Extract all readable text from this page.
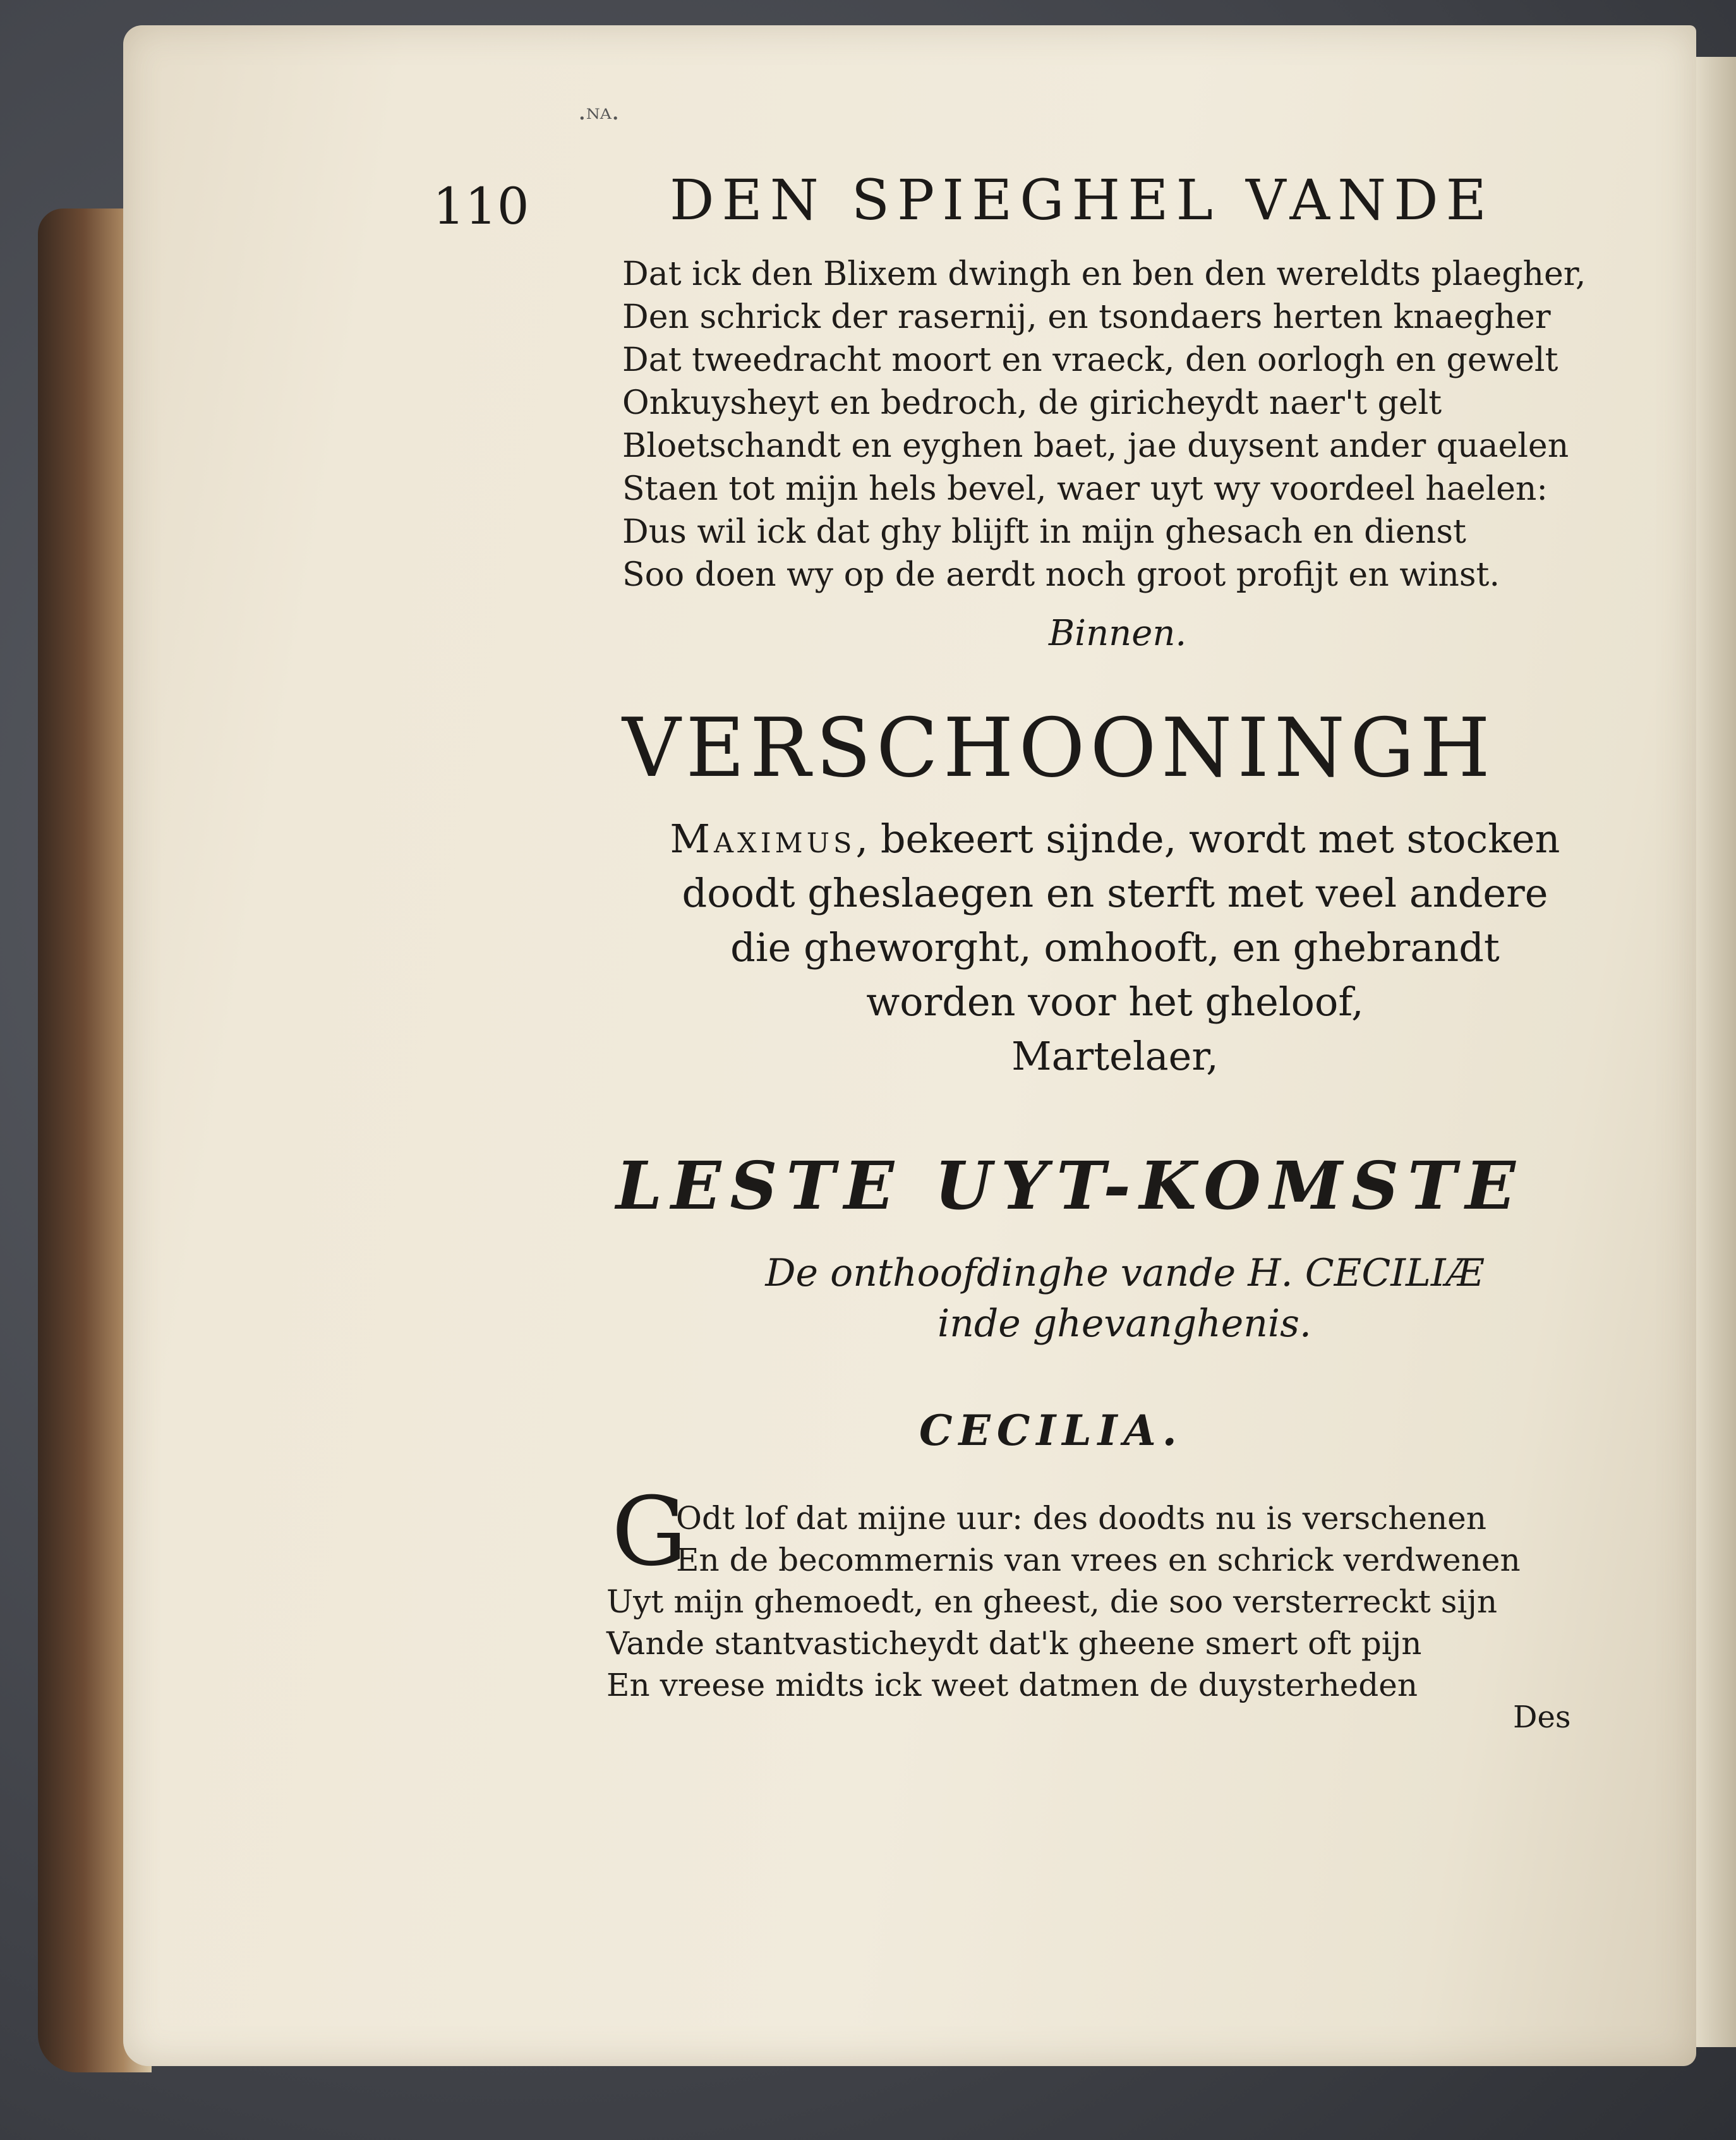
·ᴺᴬ·
110	DEN SPIEGHEL VANDE
Dat ick den Blixem dwingh en ben den wereldts plaegher,
Den schrick der rasernij, en tsondaers herten knaegher
Dat tweedracht moort en vraeck, den oorlogh en gewelt
Onkuysheyt en bedroch, de giricheydt naer't gelt
Bloetschandt en eyghen baet, jae duysent ander quaelen
Staen tot mijn hels bevel, waer uyt wy voordeel haelen:
Dus wil ick dat ghy blijft in mijn ghesach en dienst
Soo doen wy op de aerdt noch groot profijt en winst.
Binnen.
VERSCHOONINGH
Maximus, bekeert sijnde, wordt met stocken
doodt gheslaegen en sterft met veel andere
die gheworght, omhooft, en ghebrandt
worden voor het gheloof,
Martelaer,
LESTE UYT-KOMSTE
De onthoofdinghe vande H. CECILIÆ
inde ghevanghenis.
CECILIA.
G
Odt lof dat mijne uur: des doodts nu is verschenen
En de becommernis van vrees en schrick verdwenen
Uyt mijn ghemoedt, en gheest, die soo versterreckt sijn
Vande stantvasticheydt dat'k gheene smert oft pijn
En vreese midts ick weet datmen de duysterheden
Des
